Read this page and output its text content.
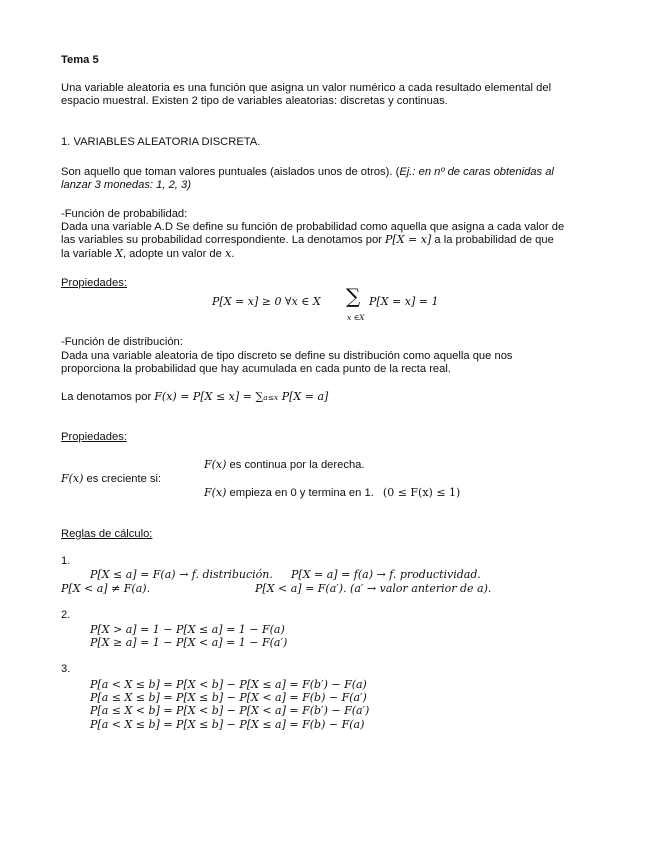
Tema 5
Una variable aleatoria es una función que asigna un valor numérico a cada resultado elemental del
espacio muestral. Existen 2 tipo de variables aleatorias: discretas y continuas.
1. VARIABLES ALEATORIA DISCRETA.
Son aquello que toman valores puntuales (aislados unos de otros). (Ej.: en nº de caras obtenidas al
lanzar 3 monedas: 1, 2, 3)
-Función de probabilidad:
Dada una variable A.D Se define su función de probabilidad como aquella que asigna a cada valor de
las variables su probabilidad correspondiente. La denotamos por P[X = x] a la probabilidad de que
la variable X, adopte un valor de x.
Propiedades:
P[X = x] ≥ 0 ∀x ∈ X ∑
x ∈X
P[X = x] = 1
-Función de distribución:
Dada una variable aleatoria de tipo discreto se define su distribución como aquella que nos
proporciona la probabilidad que hay acumulada en cada punto de la recta real.
La denotamos por F(x) = P[X ≤ x] = ∑a≤x P[X = a]
Propiedades:
F(x) es continua por la derecha.
F(x) es creciente si:
F(x) empieza en 0 y termina en 1. (0 ≤ F(x) ≤ 1)
Reglas de cálculo:
1.
P[X ≤ a] = F(a) → f. distribución. P[X = a] = f(a) → f. productividad.
P[X < a] ≠ F(a).	P[X < a] = F(a′). (a′ → valor anterior de a).
2.
P[X > a] = 1 − P[X ≤ a] = 1 − F(a)
P[X ≥ a] = 1 − P[X < a] = 1 − F(a′)
3.
P[a < X ≤ b] = P[X < b] − P[X ≤ a] = F(b′) − F(a)
P[a ≤ X ≤ b] = P[X ≤ b] − P[X < a] = F(b) − F(a′)
P[a ≤ X < b] = P[X < b] − P[X < a] = F(b′) − F(a′)
P[a < X ≤ b] = P[X ≤ b] − P[X ≤ a] = F(b) − F(a)
